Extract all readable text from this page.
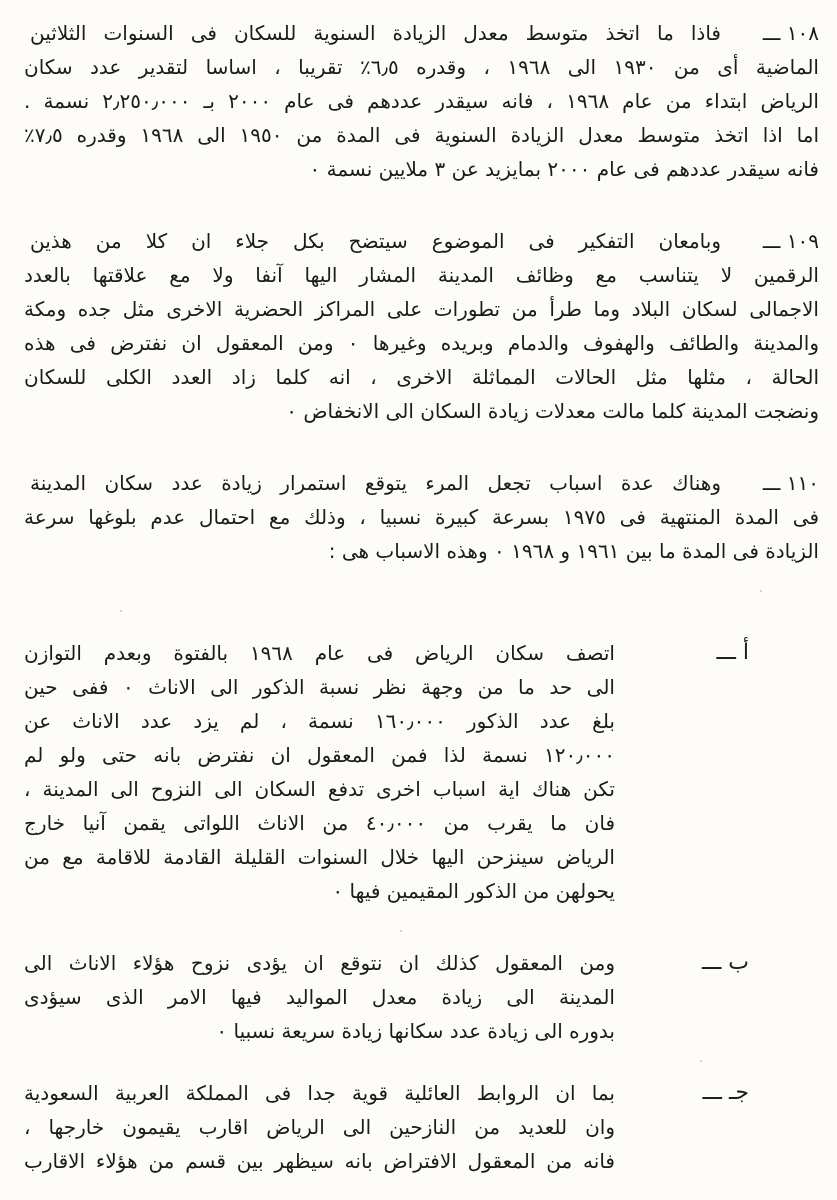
١٠٨ ـــ
فاذا ما اتخذ متوسط معدل الزيادة السنوية للسكان فى السنوات الثلاثين
الماضية أى من ١٩٣٠ الى ١٩٦٨ ، وقدره ٦٫٥٪ تقريبا ، اساسا لتقدير عدد سكان
الرياض ابتداء من عام ١٩٦٨ ، فانه سيقدر عددهم فى عام ٢٠٠٠ بـ ٢٫٢٥٠٫٠٠٠ نسمة .
اما اذا اتخذ متوسط معدل الزيادة السنوية فى المدة من ١٩٥٠ الى ١٩٦٨ وقدره ٧٫٥٪
فانه سيقدر عددهم فى عام ٢٠٠٠ بمايزيد عن ٣ ملايين نسمة ٠
١٠٩ ـــ
وبامعان التفكير فى الموضوع سيتضح بكل جلاء ان كلا من هذين
الرقمين لا يتناسب مع وظائف المدينة المشار اليها آنفا ولا مع علاقتها بالعدد
الاجمالى لسكان البلاد وما طرأ من تطورات على المراكز الحضرية الاخرى مثل جده ومكة
والمدينة والطائف والهفوف والدمام وبريده وغيرها ٠ ومن المعقول ان نفترض فى هذه
الحالة ، مثلها مثل الحالات المماثلة الاخرى ، انه كلما زاد العدد الكلى للسكان
ونضجت المدينة كلما مالت معدلات زيادة السكان الى الانخفاض ٠
١١٠ ـــ
وهناك عدة اسباب تجعل المرء يتوقع استمرار زيادة عدد سكان المدينة
فى المدة المنتهية فى ١٩٧٥ بسرعة كبيرة نسبيا ، وذلك مع احتمال عدم بلوغها سرعة
الزيادة فى المدة ما بين ١٩٦١ و ١٩٦٨ ٠ وهذه الاسباب هى :
أ ـــ
اتصف سكان الرياض فى عام ١٩٦٨ بالفتوة وبعدم التوازن
الى حد ما من وجهة نظر نسبة الذكور الى الاناث ٠ ففى حين
بلغ عدد الذكور ١٦٠٫٠٠٠ نسمة ، لم يزد عدد الاناث عن
١٢٠٫٠٠٠ نسمة لذا فمن المعقول ان نفترض بانه حتى ولو لم
تكن هناك اية اسباب اخرى تدفع السكان الى النزوح الى المدينة ،
فان ما يقرب من ٤٠٫٠٠٠ من الاناث اللواتى يقمن آنيا خارج
الرياض سينزحن اليها خلال السنوات القليلة القادمة للاقامة مع من
يحولهن من الذكور المقيمين فيها ٠
ب ـــ
ومن المعقول كذلك ان نتوقع ان يؤدى نزوح هؤلاء الاناث الى
المدينة الى زيادة معدل المواليد فيها الامر الذى سيؤدى
بدوره الى زيادة عدد سكانها زيادة سريعة نسبيا ٠
جـ ـــ
بما ان الروابط العائلية قوية جدا فى المملكة العربية السعودية
وان للعديد من النازحين الى الرياض اقارب يقيمون خارجها ،
فانه من المعقول الافتراض بانه سيظهر بين قسم من هؤلاء الاقارب
